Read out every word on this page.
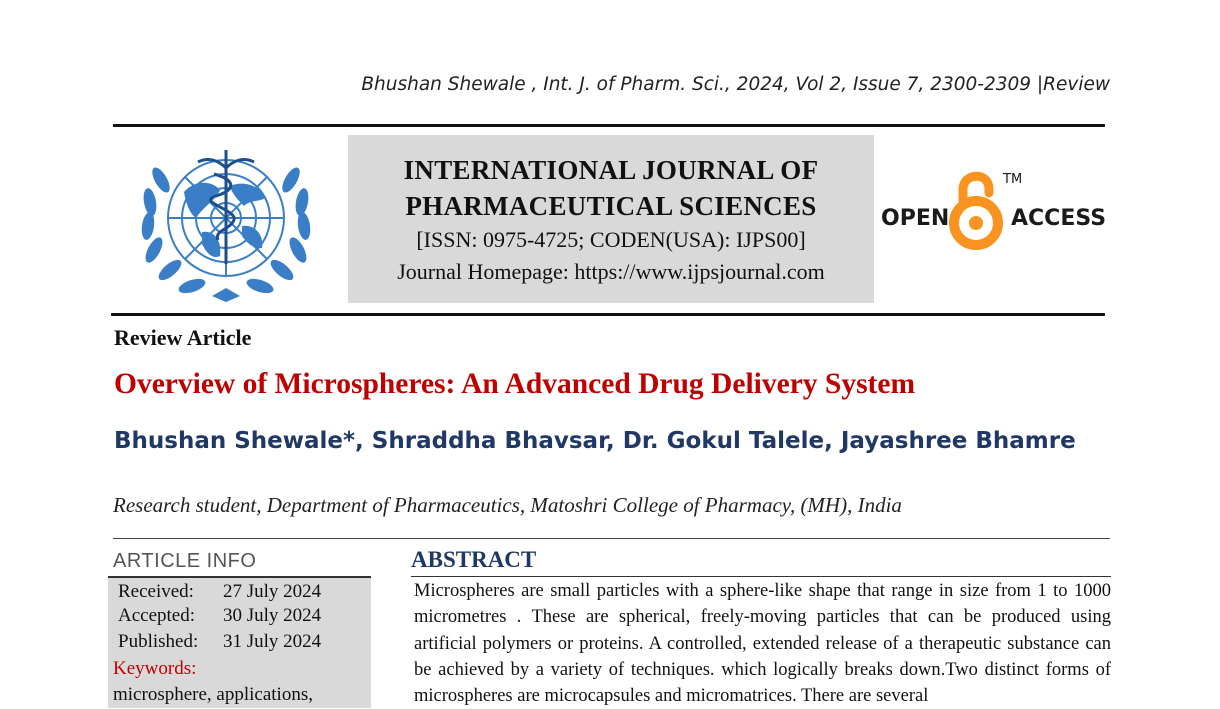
Bhushan Shewale , Int. J. of Pharm. Sci., 2024, Vol 2, Issue 7, 2300-2309 |Review
INTERNATIONAL JOURNAL OF
PHARMACEUTICAL SCIENCES
[ISSN: 0975-4725; CODEN(USA): IJPS00]
Journal Homepage: https://www.ijpsjournal.com
OPEN
TM
ACCESS
Review Article
Overview of Microspheres: An Advanced Drug Delivery System
Bhushan Shewale*, Shraddha Bhavsar, Dr. Gokul Talele, Jayashree Bhamre
Research student, Department of Pharmaceutics, Matoshri College of Pharmacy, (MH), India
ARTICLE INFO
Received: 27 July 2024
Accepted: 30 July 2024
Published: 31 July 2024
Keywords:
microsphere, applications,
ABSTRACT
Microspheres are small particles with a sphere-like shape that range in size from 1 to 1000 micrometres . These are spherical, freely-moving particles that can be produced using artificial polymers or proteins. A controlled, extended release of a therapeutic substance can be achieved by a variety of techniques. which logically breaks down.Two distinct forms of microspheres are microcapsules and micromatrices. There are several
